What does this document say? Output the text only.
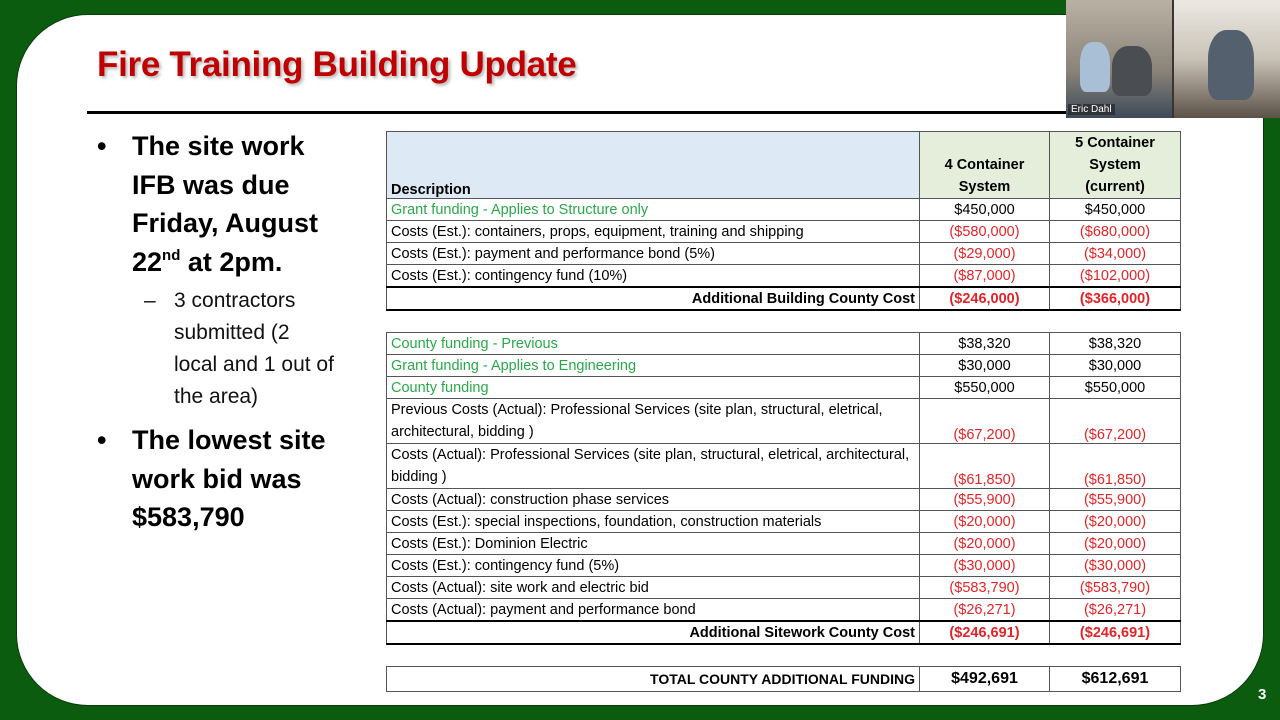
Fire Training Building Update
• The site work IFB was due Friday, August 22nd at 2pm.
– 3 contractors submitted (2 local and 1 out of the area)
• The lowest site work bid was $583,790
Description	4 Container System	5 Container System (current)
Grant funding - Applies to Structure only	$450,000	$450,000
Costs (Est.): containers, props, equipment, training and shipping	($580,000)	($680,000)
Costs (Est.): payment and performance bond (5%)	($29,000)	($34,000)
Costs (Est.): contingency fund (10%)	($87,000)	($102,000)
Additional Building County Cost	($246,000)	($366,000)

County funding - Previous	$38,320	$38,320
Grant funding - Applies to Engineering	$30,000	$30,000
County funding	$550,000	$550,000
Previous Costs (Actual): Professional Services (site plan, structural, eletrical, architectural, bidding )	($67,200)	($67,200)
Costs (Actual): Professional Services (site plan, structural, eletrical, architectural, bidding )	($61,850)	($61,850)
Costs (Actual): construction phase services	($55,900)	($55,900)
Costs (Est.): special inspections, foundation, construction materials	($20,000)	($20,000)
Costs (Est.): Dominion Electric	($20,000)	($20,000)
Costs (Est.): contingency fund (5%)	($30,000)	($30,000)
Costs (Actual): site work and electric bid	($583,790)	($583,790)
Costs (Actual): payment and performance bond	($26,271)	($26,271)
Additional Sitework County Cost	($246,691)	($246,691)

TOTAL COUNTY ADDITIONAL FUNDING	$492,691	$612,691
Eric Dahl
3
